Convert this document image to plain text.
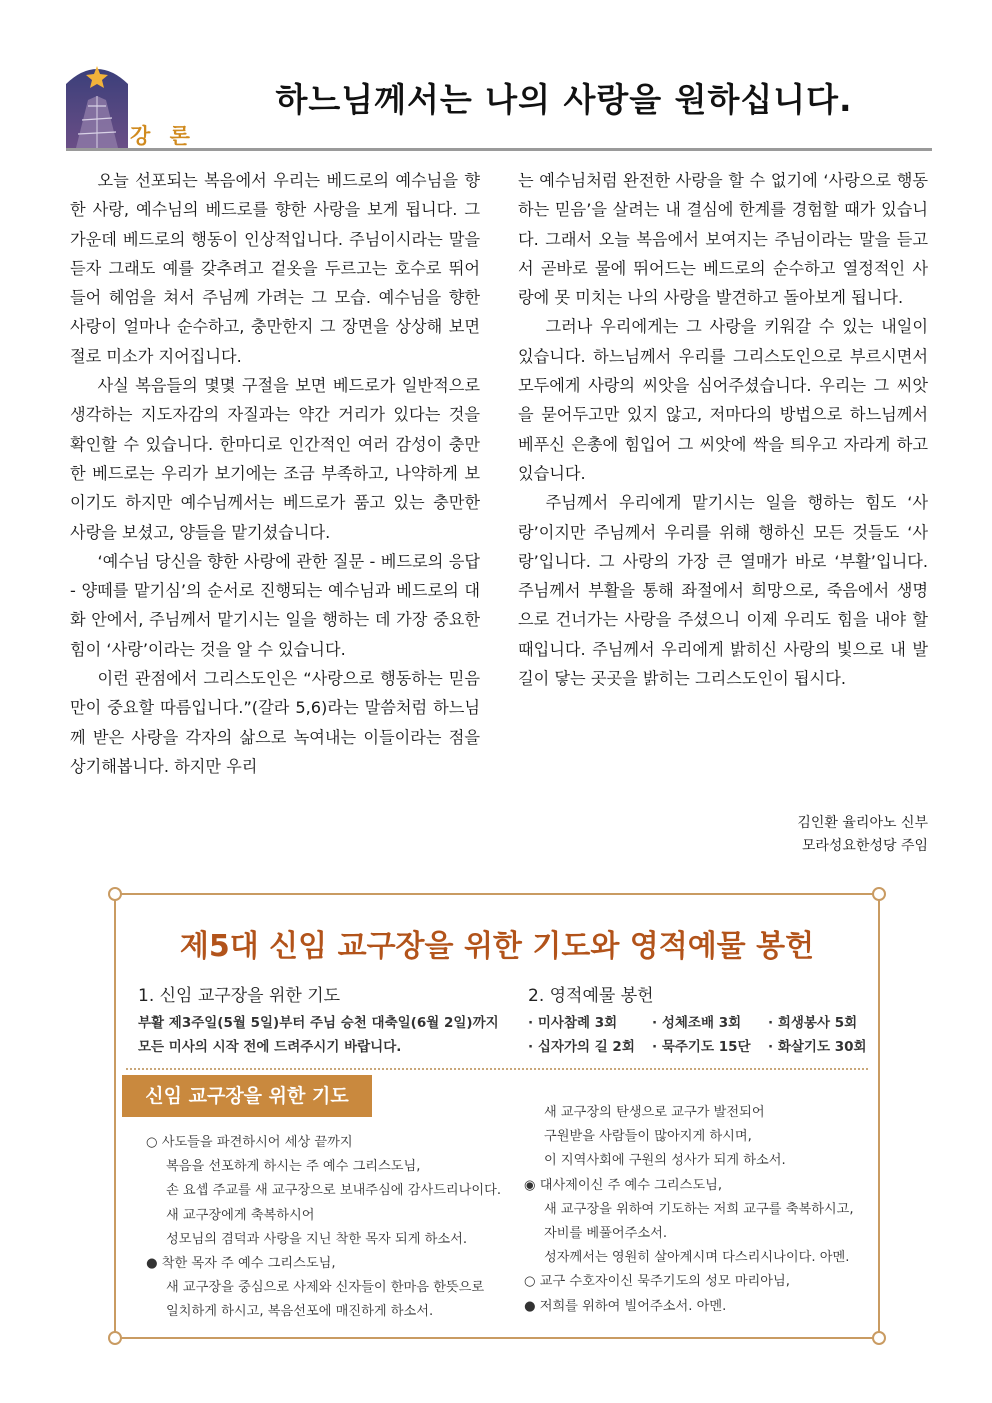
하느님께서는 나의 사랑을 원하십니다.
강 론

오늘 선포되는 복음에서 우리는 베드로의 예수님을 향한 사랑, 예수님의 베드로를 향한 사랑을 보게 됩니다. 그 가운데 베드로의 행동이 인상적입니다. 주님이시라는 말을 듣자 그래도 예를 갖추려고 겉옷을 두르고는 호수로 뛰어들어 헤엄을 쳐서 주님께 가려는 그 모습. 예수님을 향한 사랑이 얼마나 순수하고, 충만한지 그 장면을 상상해 보면 절로 미소가 지어집니다.

사실 복음들의 몇몇 구절을 보면 베드로가 일반적으로 생각하는 지도자감의 자질과는 약간 거리가 있다는 것을 확인할 수 있습니다. 한마디로 인간적인 여러 감성이 충만한 베드로는 우리가 보기에는 조금 부족하고, 나약하게 보이기도 하지만 예수님께서는 베드로가 품고 있는 충만한 사랑을 보셨고, 양들을 맡기셨습니다.

‘예수님 당신을 향한 사랑에 관한 질문 - 베드로의 응답 - 양떼를 맡기심’의 순서로 진행되는 예수님과 베드로의 대화 안에서, 주님께서 맡기시는 일을 행하는 데 가장 중요한 힘이 ‘사랑’이라는 것을 알 수 있습니다.

이런 관점에서 그리스도인은 “사랑으로 행동하는 믿음만이 중요할 따름입니다.”(갈라 5,6)라는 말씀처럼 하느님께 받은 사랑을 각자의 삶으로 녹여내는 이들이라는 점을 상기해봅니다. 하지만 우리

는 예수님처럼 완전한 사랑을 할 수 없기에 ‘사랑으로 행동하는 믿음’을 살려는 내 결심에 한계를 경험할 때가 있습니다. 그래서 오늘 복음에서 보여지는 주님이라는 말을 듣고서 곧바로 물에 뛰어드는 베드로의 순수하고 열정적인 사랑에 못 미치는 나의 사랑을 발견하고 돌아보게 됩니다.

그러나 우리에게는 그 사랑을 키워갈 수 있는 내일이 있습니다. 하느님께서 우리를 그리스도인으로 부르시면서 모두에게 사랑의 씨앗을 심어주셨습니다. 우리는 그 씨앗을 묻어두고만 있지 않고, 저마다의 방법으로 하느님께서 베푸신 은총에 힘입어 그 씨앗에 싹을 틔우고 자라게 하고 있습니다.

주님께서 우리에게 맡기시는 일을 행하는 힘도 ‘사랑’이지만 주님께서 우리를 위해 행하신 모든 것들도 ‘사랑’입니다. 그 사랑의 가장 큰 열매가 바로 ‘부활’입니다. 주님께서 부활을 통해 좌절에서 희망으로, 죽음에서 생명으로 건너가는 사랑을 주셨으니 이제 우리도 힘을 내야 할 때입니다. 주님께서 우리에게 밝히신 사랑의 빛으로 내 발길이 닿는 곳곳을 밝히는 그리스도인이 됩시다.

김인환 율리아노 신부
모라성요한성당 주임
제5대 신임 교구장을 위한 기도와 영적예물 봉헌
1. 신임 교구장을 위한 기도
부활 제3주일(5월 5일)부터 주님 승천 대축일(6월 2일)까지
모든 미사의 시작 전에 드려주시기 바랍니다.
2. 영적예물 봉헌
· 미사참례 3회	· 성체조배 3회	· 희생봉사 5회
· 십자가의 길 2회	· 묵주기도 15단	· 화살기도 30회
신임 교구장을 위한 기도
○ 사도들을 파견하시어 세상 끝까지
복음을 선포하게 하시는 주 예수 그리스도님,
손 요셉 주교를 새 교구장으로 보내주심에 감사드리나이다.
새 교구장에게 축복하시어
성모님의 겸덕과 사랑을 지닌 착한 목자 되게 하소서.
● 착한 목자 주 예수 그리스도님,
새 교구장을 중심으로 사제와 신자들이 한마음 한뜻으로
일치하게 하시고, 복음선포에 매진하게 하소서.
새 교구장의 탄생으로 교구가 발전되어
구원받을 사람들이 많아지게 하시며,
이 지역사회에 구원의 성사가 되게 하소서.
◉ 대사제이신 주 예수 그리스도님,
새 교구장을 위하여 기도하는 저희 교구를 축복하시고,
자비를 베풀어주소서.
성자께서는 영원히 살아계시며 다스리시나이다. 아멘.
○ 교구 수호자이신 묵주기도의 성모 마리아님,
● 저희를 위하여 빌어주소서. 아멘.
